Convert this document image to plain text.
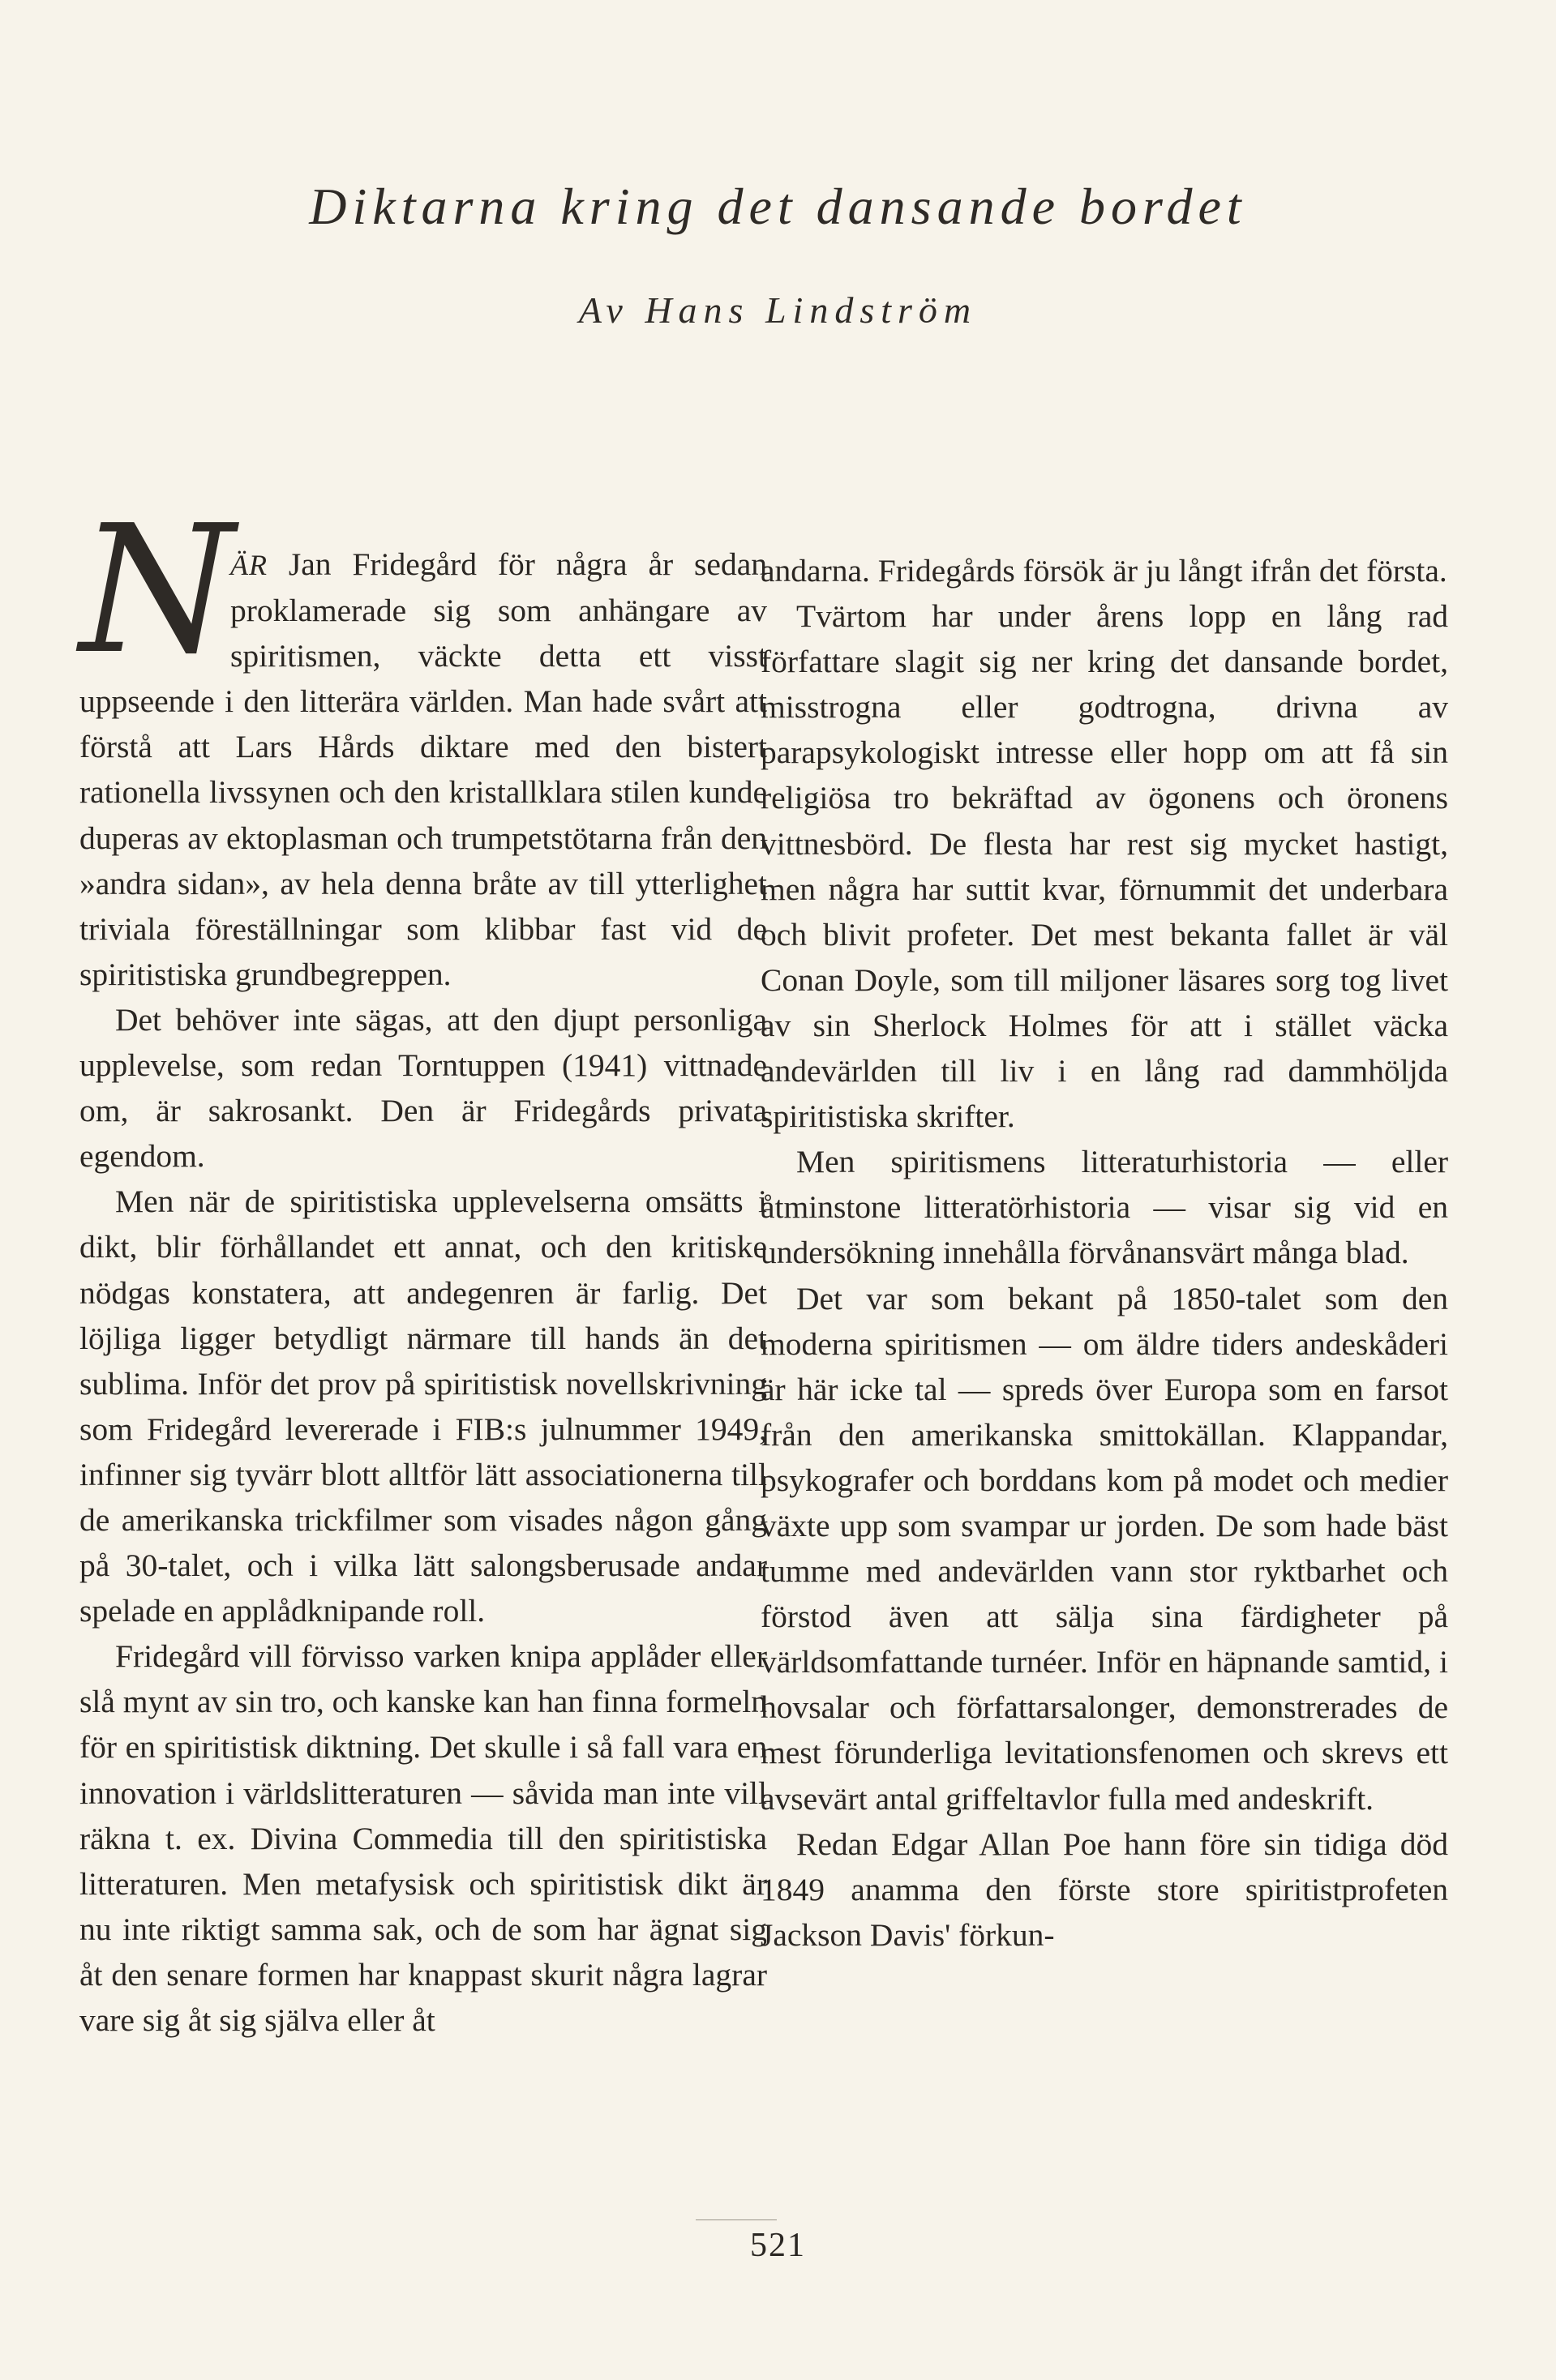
Diktarna kring det dansande bordet

Av Hans Lindström

N
ÄR Jan Fridegård för några år sedan proklamerade sig som anhängare av spiritismen, väckte detta ett visst uppseende i den litterära världen. Man hade svårt att förstå att Lars Hårds diktare med den bistert rationella livssynen och den kristallklara stilen kunde duperas av ektoplasman och trumpetstötarna från den »andra sidan», av hela denna bråte av till ytterlighet triviala föreställningar som klibbar fast vid de spiritistiska grundbegreppen.

Det behöver inte sägas, att den djupt personliga upplevelse, som redan Torntuppen (1941) vittnade om, är sakrosankt. Den är Fridegårds privata egendom.

Men när de spiritistiska upplevelserna omsätts i dikt, blir förhållandet ett annat, och den kritiske nödgas konstatera, att andegenren är farlig. Det löjliga ligger betydligt närmare till hands än det sublima. Inför det prov på spiritistisk novellskrivning som Fridegård levererade i FIB:s julnummer 1949, infinner sig tyvärr blott alltför lätt associationerna till de amerikanska trickfilmer som visades någon gång på 30-talet, och i vilka lätt salongsberusade andar spelade en applådknipande roll.

Fridegård vill förvisso varken knipa applåder eller slå mynt av sin tro, och kanske kan han finna formeln för en spiritistisk diktning. Det skulle i så fall vara en innovation i världslitteraturen — såvida man inte vill räkna t. ex. Divina Commedia till den spiritistiska litteraturen. Men metafysisk och spiritistisk dikt är nu inte riktigt samma sak, och de som har ägnat sig åt den senare formen har knappast skurit några lagrar vare sig åt sig själva eller åt

andarna. Fridegårds försök är ju långt ifrån det första.

Tvärtom har under årens lopp en lång rad författare slagit sig ner kring det dansande bordet, misstrogna eller godtrogna, drivna av parapsykologiskt intresse eller hopp om att få sin religiösa tro bekräftad av ögonens och öronens vittnesbörd. De flesta har rest sig mycket hastigt, men några har suttit kvar, förnummit det underbara och blivit profeter. Det mest bekanta fallet är väl Conan Doyle, som till miljoner läsares sorg tog livet av sin Sherlock Holmes för att i stället väcka andevärlden till liv i en lång rad dammhöljda spiritistiska skrifter.

Men spiritismens litteraturhistoria — eller åtminstone litteratörhistoria — visar sig vid en undersökning innehålla förvånansvärt många blad.

Det var som bekant på 1850-talet som den moderna spiritismen — om äldre tiders andeskåderi är här icke tal — spreds över Europa som en farsot från den amerikanska smittokällan. Klappandar, psykografer och borddans kom på modet och medier växte upp som svampar ur jorden. De som hade bäst tumme med andevärlden vann stor ryktbarhet och förstod även att sälja sina färdigheter på världsomfattande turnéer. Inför en häpnande samtid, i hovsalar och författarsalonger, demonstrerades de mest förunderliga levitationsfenomen och skrevs ett avsevärt antal griffeltavlor fulla med andeskrift.

Redan Edgar Allan Poe hann före sin tidiga död 1849 anamma den förste store spiritistprofeten Jackson Davis' förkun-

521
